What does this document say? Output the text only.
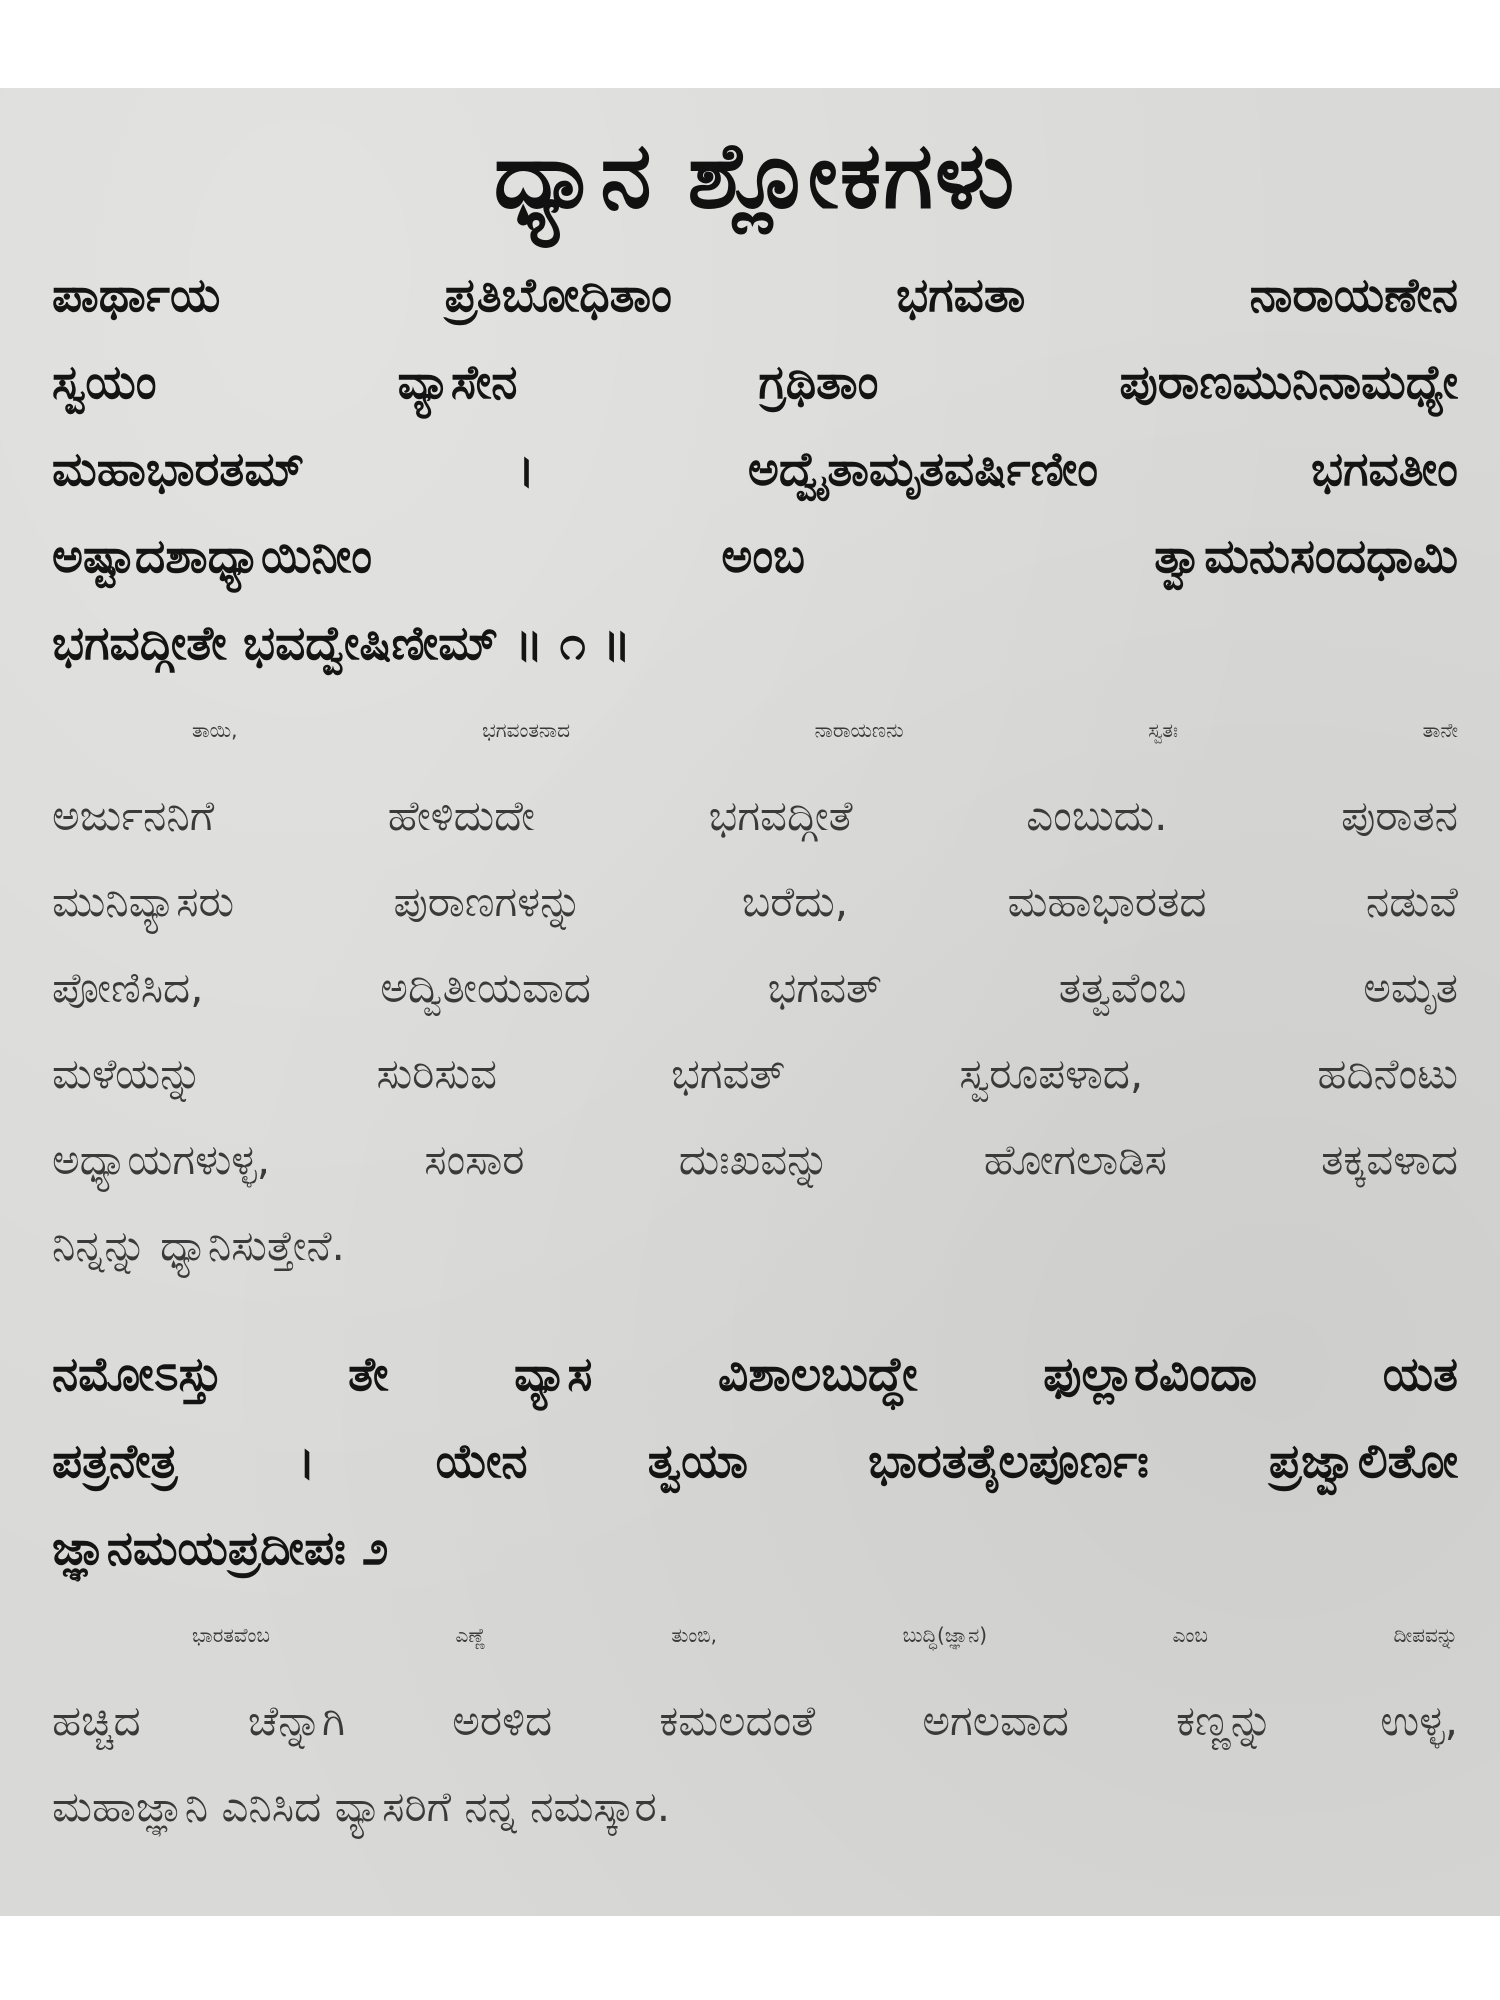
ಧ್ಯಾನ ಶ್ಲೋಕಗಳು
ಪಾರ್ಥಾಯ ಪ್ರತಿಬೋಧಿತಾಂ ಭಗವತಾ ನಾರಾಯಣೇನ
ಸ್ವಯಂ ವ್ಯಾಸೇನ ಗ್ರಥಿತಾಂ ಪುರಾಣಮುನಿನಾಮಧ್ಯೇ
ಮಹಾಭಾರತಮ್ । ಅದ್ವೈತಾಮೃತವರ್ಷಿಣೀಂ ಭಗವತೀಂ
ಅಷ್ಟಾದಶಾಧ್ಯಾಯಿನೀಂ ಅಂಬ ತ್ವಾಮನುಸಂದಧಾಮಿ
ಭಗವದ್ಗೀತೇ ಭವದ್ವೇಷಿಣೀಮ್ ॥ ೧ ॥
ತಾಯಿ, ಭಗವಂತನಾದ ನಾರಾಯಣನು ಸ್ವತಃ ತಾನೇ
ಅರ್ಜುನನಿಗೆ ಹೇಳಿದುದೇ ಭಗವದ್ಗೀತೆ ಎಂಬುದು. ಪುರಾತನ
ಮುನಿವ್ಯಾಸರು ಪುರಾಣಗಳನ್ನು ಬರೆದು, ಮಹಾಭಾರತದ ನಡುವೆ
ಪೋಣಿಸಿದ, ಅದ್ವಿತೀಯವಾದ ಭಗವತ್ ತತ್ವವೆಂಬ ಅಮೃತ
ಮಳೆಯನ್ನು ಸುರಿಸುವ ಭಗವತ್ ಸ್ವರೂಪಳಾದ, ಹದಿನೆಂಟು
ಅಧ್ಯಾಯಗಳುಳ್ಳ, ಸಂಸಾರ ದುಃಖವನ್ನು ಹೋಗಲಾಡಿಸ ತಕ್ಕವಳಾದ
ನಿನ್ನನ್ನು ಧ್ಯಾನಿಸುತ್ತೇನೆ.
ನಮೋಽಸ್ತು ತೇ ವ್ಯಾಸ ವಿಶಾಲಬುದ್ಧೇ ಫುಲ್ಲಾರವಿಂದಾ ಯತ
ಪತ್ರನೇತ್ರ । ಯೇನ ತ್ವಯಾ ಭಾರತತೈಲಪೂರ್ಣಃ ಪ್ರಜ್ವಾಲಿತೋ
ಜ್ಞಾನಮಯಪ್ರದೀಪಃ ೨
ಭಾರತವೆಂಬ ಎಣ್ಣೆ ತುಂಬಿ, ಬುದ್ಧಿ(ಜ್ಞಾನ) ಎಂಬ ದೀಪವನ್ನು
ಹಚ್ಚಿದ ಚೆನ್ನಾಗಿ ಅರಳಿದ ಕಮಲದಂತೆ ಅಗಲವಾದ ಕಣ್ಣನ್ನು ಉಳ್ಳ,
ಮಹಾಜ್ಞಾನಿ ಎನಿಸಿದ ವ್ಯಾಸರಿಗೆ ನನ್ನ ನಮಸ್ಕಾರ.
